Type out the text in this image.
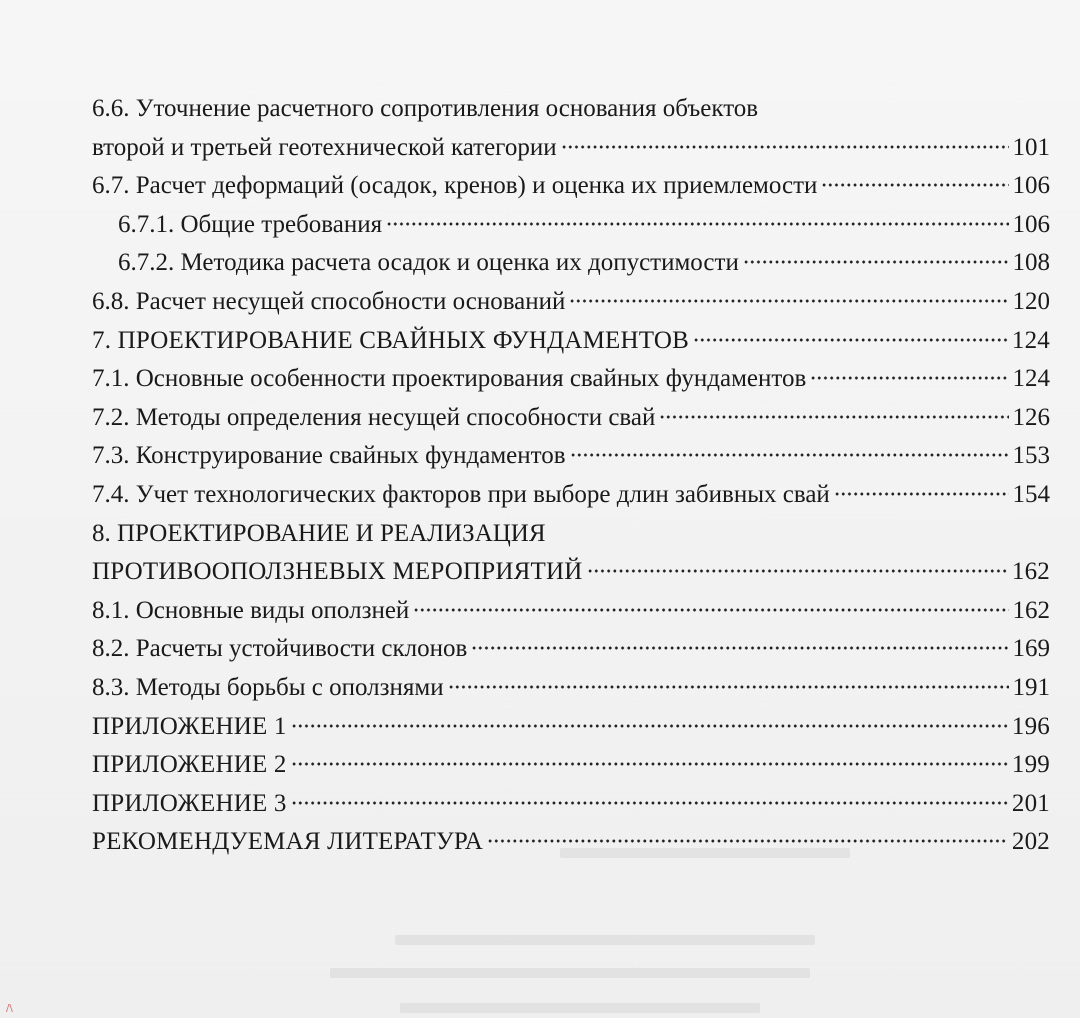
6.6. Уточнение расчетного сопротивления основания объектов
второй и третьей геотехнической категории	101
6.7. Расчет деформаций (осадок, кренов) и оценка их приемлемости	106
6.7.1. Общие требования	106
6.7.2. Методика расчета осадок и оценка их допустимости	108
6.8. Расчет несущей способности оснований	120
7. ПРОЕКТИРОВАНИЕ СВАЙНЫХ ФУНДАМЕНТОВ	124
7.1. Основные особенности проектирования свайных фундаментов	124
7.2. Методы определения несущей способности свай	126
7.3. Конструирование свайных фундаментов	153
7.4. Учет технологических факторов при выборе длин забивных свай	154
8. ПРОЕКТИРОВАНИЕ И РЕАЛИЗАЦИЯ
ПРОТИВООПОЛЗНЕВЫХ МЕРОПРИЯТИЙ	162
8.1. Основные виды оползней	162
8.2. Расчеты устойчивости склонов	169
8.3. Методы борьбы с оползнями	191
ПРИЛОЖЕНИЕ 1	196
ПРИЛОЖЕНИЕ 2	199
ПРИЛОЖЕНИЕ 3	201
РЕКОМЕНДУЕМАЯ ЛИТЕРАТУРА	202
/\
